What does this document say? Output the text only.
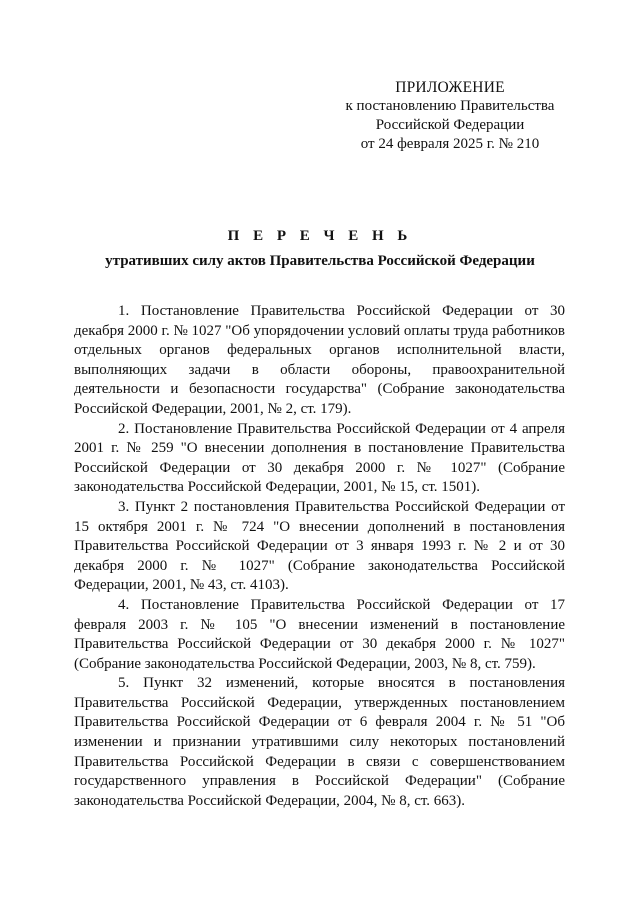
ПРИЛОЖЕНИЕ
к постановлению Правительства
Российской Федерации
от 24 февраля 2025 г. № 210
П Е Р Е Ч Е Н Ь
утративших силу актов Правительства Российской Федерации

1. Постановление Правительства Российской Федерации от 30 декабря 2000 г. № 1027 "Об упорядочении условий оплаты труда работников отдельных органов федеральных органов исполнительной власти, выполняющих задачи в области обороны, правоохранительной деятельности и безопасности государства" (Собрание законодательства Российской Федерации, 2001, № 2, ст. 179).

2. Постановление Правительства Российской Федерации от 4 апреля 2001 г. № 259 "О внесении дополнения в постановление Правительства Российской Федерации от 30 декабря 2000 г. № 1027" (Собрание законодательства Российской Федерации, 2001, № 15, ст. 1501).

3. Пункт 2 постановления Правительства Российской Федерации от 15 октября 2001 г. № 724 "О внесении дополнений в постановления Правительства Российской Федерации от 3 января 1993 г. № 2 и от 30 декабря 2000 г. № 1027" (Собрание законодательства Российской Федерации, 2001, № 43, ст. 4103).

4. Постановление Правительства Российской Федерации от 17 февраля 2003 г. № 105 "О внесении изменений в постановление Правительства Российской Федерации от 30 декабря 2000 г. № 1027" (Собрание законодательства Российской Федерации, 2003, № 8, ст. 759).

5. Пункт 32 изменений, которые вносятся в постановления Правительства Российской Федерации, утвержденных постановлением Правительства Российской Федерации от 6 февраля 2004 г. № 51 "Об изменении и признании утратившими силу некоторых постановлений Правительства Российской Федерации в связи с совершенствованием государственного управления в Российской Федерации" (Собрание законодательства Российской Федерации, 2004, № 8, ст. 663).
